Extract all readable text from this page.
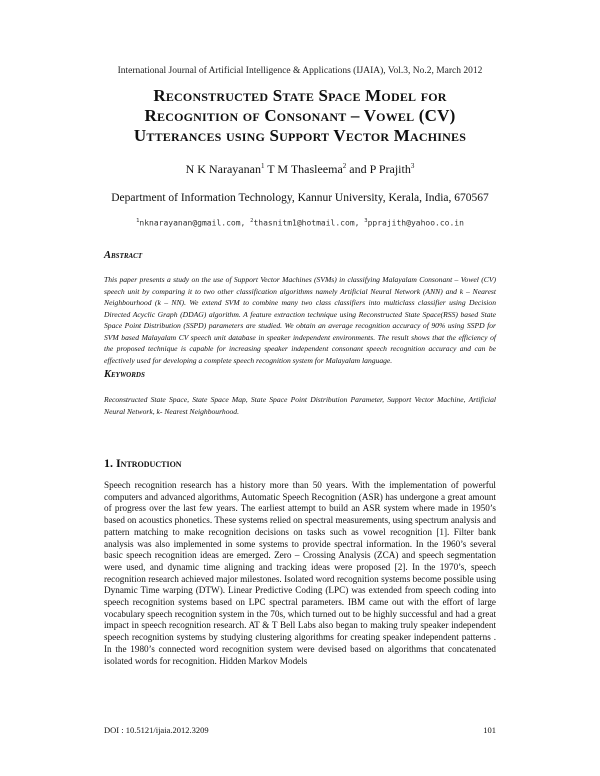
International Journal of Artificial Intelligence & Applications (IJAIA), Vol.3, No.2, March 2012
Reconstructed State Space Model for
Recognition of Consonant – Vowel (CV)
Utterances using Support Vector Machines
N K Narayanan$^1$ T M Thasleema$^2$ and P Prajith$^3$
Department of Information Technology, Kannur University, Kerala, India, 670567
$^1$nknarayanan@gmail.com, $^2$thasnitm1@hotmail.com, $^3$pprajith@yahoo.co.in
Abstract
This paper presents a study on the use of Support Vector Machines (SVMs) in classifying Malayalam Consonant – Vowel (CV) speech unit by comparing it to two other classification algorithms namely Artificial Neural Network (ANN) and k – Nearest Neighbourhood (k – NN). We extend SVM to combine many two class classifiers into multiclass classifier using Decision Directed Acyclic Graph (DDAG) algorithm. A feature extraction technique using Reconstructed State Space(RSS) based State Space Point Distribution (SSPD) parameters are studied. We obtain an average recognition accuracy of 90% using SSPD for SVM based Malayalam CV speech unit database in speaker independent environments. The result shows that the efficiency of the proposed technique is capable for increasing speaker independent consonant speech recognition accuracy and can be effectively used for developing a complete speech recognition system for Malayalam language.
Keywords
Reconstructed State Space, State Space Map, State Space Point Distribution Parameter, Support Vector Machine, Artificial Neural Network, k- Nearest Neighbourhood.
1. Introduction
Speech recognition research has a history more than 50 years. With the implementation of powerful computers and advanced algorithms, Automatic Speech Recognition (ASR) has undergone a great amount of progress over the last few years. The earliest attempt to build an ASR system where made in 1950’s based on acoustics phonetics. These systems relied on spectral measurements, using spectrum analysis and pattern matching to make recognition decisions on tasks such as vowel recognition [1]. Filter bank analysis was also implemented in some systems to provide spectral information. In the 1960’s several basic speech recognition ideas are emerged. Zero – Crossing Analysis (ZCA) and speech segmentation were used, and dynamic time aligning and tracking ideas were proposed [2]. In the 1970’s, speech recognition research achieved major milestones. Isolated word recognition systems become possible using Dynamic Time warping (DTW). Linear Predictive Coding (LPC) was extended from speech coding into speech recognition systems based on LPC spectral parameters. IBM came out with the effort of large vocabulary speech recognition system in the 70s, which turned out to be highly successful and had a great impact in speech recognition research. AT & T Bell Labs also began to making truly speaker independent speech recognition systems by studying clustering algorithms for creating speaker independent patterns . In the 1980’s connected word recognition system were devised based on algorithms that concatenated isolated words for recognition. Hidden Markov Models
DOI : 10.5121/ijaia.2012.3209	101
